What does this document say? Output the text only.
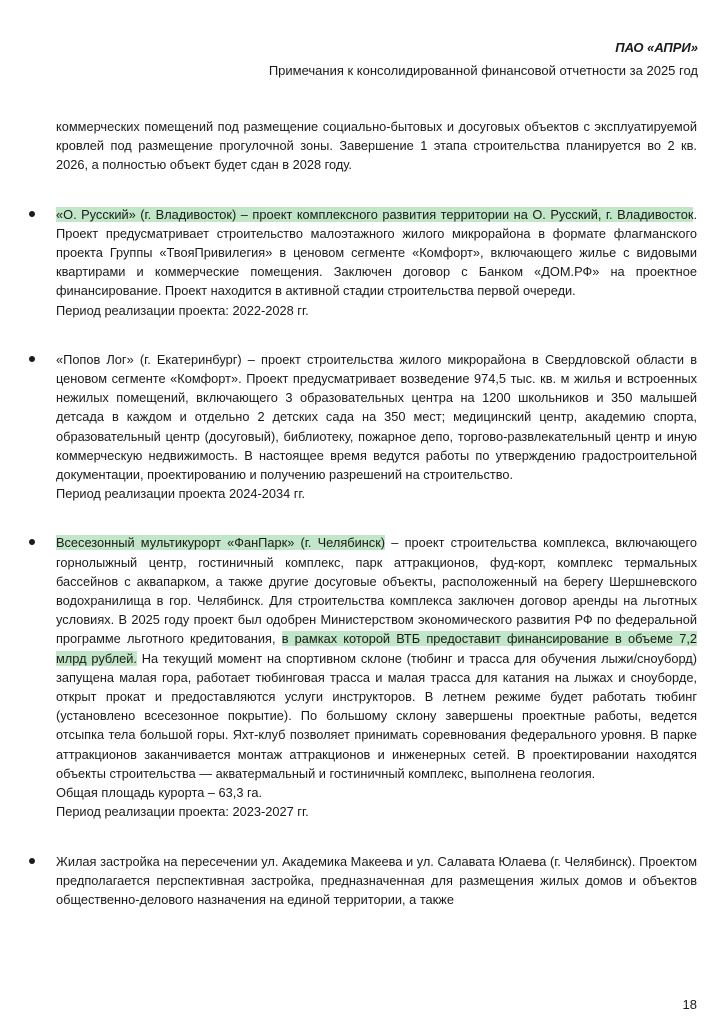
ПАО «АПРИ»
Примечания к консолидированной финансовой отчетности за 2025 год

коммерческих помещений под размещение социально-бытовых и досуговых объектов с эксплуатируемой кровлей под размещение прогулочной зоны. Завершение 1 этапа строительства планируется во 2 кв. 2026, а полностью объект будет сдан в 2028 году.

«О. Русский» (г. Владивосток) – проект комплексного развития территории на О. Русский, г. Владивосток. Проект предусматривает строительство малоэтажного жилого микрорайона в формате флагманского проекта Группы «ТвояПривилегия» в ценовом сегменте «Комфорт», включающего жилье с видовыми квартирами и коммерческие помещения. Заключен договор с Банком «ДОМ.РФ» на проектное финансирование. Проект находится в активной стадии строительства первой очереди.

Период реализации проекта: 2022-2028 гг.

«Попов Лог» (г. Екатеринбург) – проект строительства жилого микрорайона в Свердловской области в ценовом сегменте «Комфорт». Проект предусматривает возведение 974,5 тыс. кв. м жилья и встроенных нежилых помещений, включающего 3 образовательных центра на 1200 школьников и 350 малышей детсада в каждом и отдельно 2 детских сада на 350 мест; медицинский центр, академию спорта, образовательный центр (досуговый), библиотеку, пожарное депо, торгово-развлекательный центр и иную коммерческую недвижимость. В настоящее время ведутся работы по утверждению градостроительной документации, проектированию и получению разрешений на строительство.

Период реализации проекта 2024-2034 гг.

Всесезонный мультикурорт «ФанПарк» (г. Челябинск) – проект строительства комплекса, включающего горнолыжный центр, гостиничный комплекс, парк аттракционов, фуд-корт, комплекс термальных бассейнов с аквапарком, а также другие досуговые объекты, расположенный на берегу Шершневского водохранилища в гор. Челябинск. Для строительства комплекса заключен договор аренды на льготных условиях. В 2025 году проект был одобрен Министерством экономического развития РФ по федеральной программе льготного кредитования, в рамках которой ВТБ предоставит финансирование в объеме 7,2 млрд рублей. На текущий момент на спортивном склоне (тюбинг и трасса для обучения лыжи/сноуборд) запущена малая гора, работает тюбинговая трасса и малая трасса для катания на лыжах и сноуборде, открыт прокат и предоставляются услуги инструкторов. В летнем режиме будет работать тюбинг (установлено всесезонное покрытие). По большому склону завершены проектные работы, ведется отсыпка тела большой горы. Яхт-клуб позволяет принимать соревнования федерального уровня. В парке аттракционов заканчивается монтаж аттракционов и инженерных сетей. В проектировании находятся объекты строительства — акватермальный и гостиничный комплекс, выполнена геология.

Общая площадь курорта – 63,3 га.

Период реализации проекта: 2023-2027 гг.

Жилая застройка на пересечении ул. Академика Макеева и ул. Салавата Юлаева (г. Челябинск). Проектом предполагается перспективная застройка, предназначенная для размещения жилых домов и объектов общественно-делового назначения на единой территории, а также

18
